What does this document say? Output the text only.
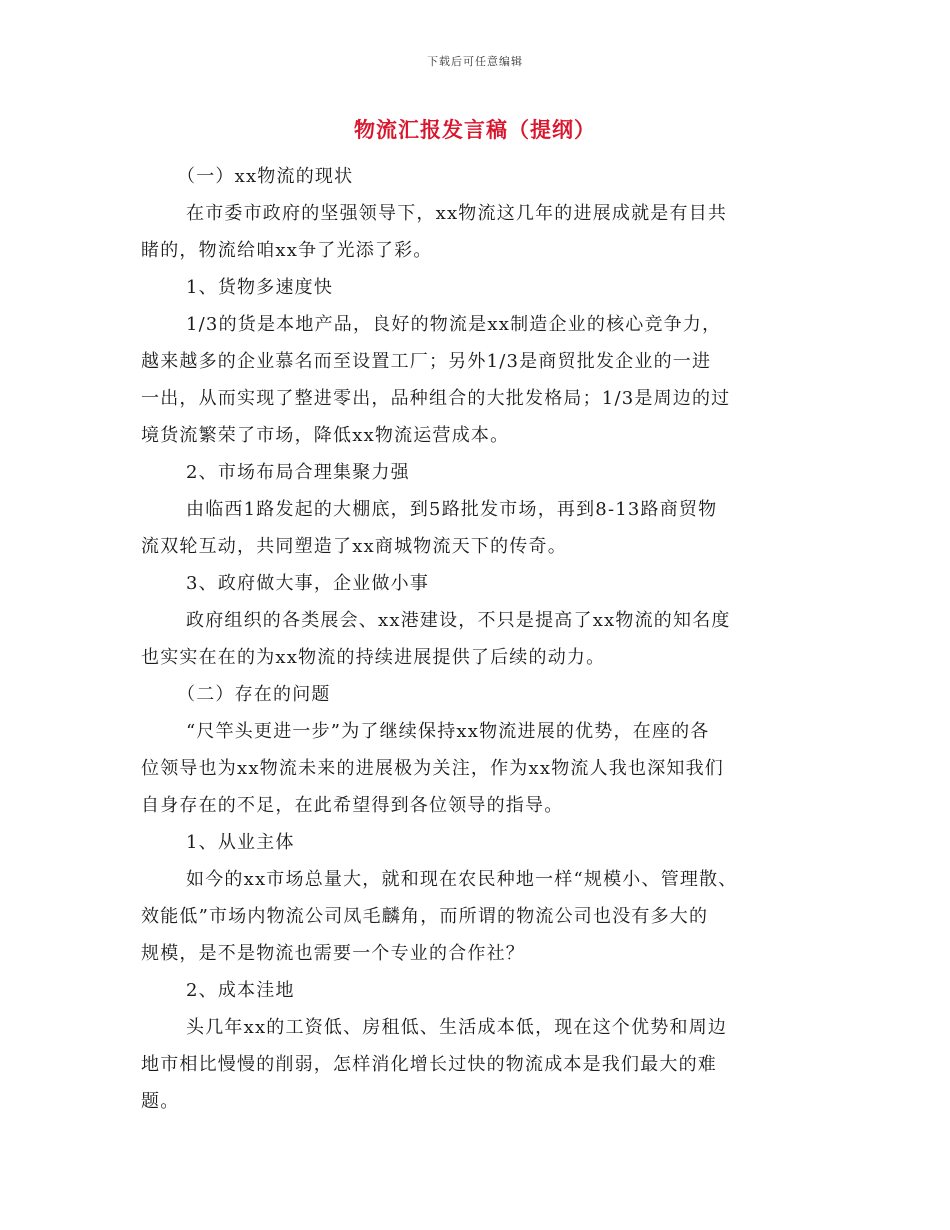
下载后可任意编辑
物流汇报发言稿（提纲）
（一）xx物流的现状
在市委市政府的坚强领导下，xx物流这几年的进展成就是有目共
睹的，物流给咱xx争了光添了彩。
1、货物多速度快
1/3的货是本地产品，良好的物流是xx制造企业的核心竞争力，
越来越多的企业慕名而至设置工厂；另外1/3是商贸批发企业的一进
一出，从而实现了整进零出，品种组合的大批发格局；1/3是周边的过
境货流繁荣了市场，降低xx物流运营成本。
2、市场布局合理集聚力强
由临西1路发起的大棚底，到5路批发市场，再到8-13路商贸物
流双轮互动，共同塑造了xx商城物流天下的传奇。
3、政府做大事，企业做小事
政府组织的各类展会、xx港建设，不只是提高了xx物流的知名度
也实实在在的为xx物流的持续进展提供了后续的动力。
（二）存在的问题
“尺竿头更进一步”为了继续保持xx物流进展的优势，在座的各
位领导也为xx物流未来的进展极为关注，作为xx物流人我也深知我们
自身存在的不足，在此希望得到各位领导的指导。
1、从业主体
如今的xx市场总量大，就和现在农民种地一样“规模小、管理散、
效能低”市场内物流公司凤毛麟角，而所谓的物流公司也没有多大的
规模，是不是物流也需要一个专业的合作社？
2、成本洼地
头几年xx的工资低、房租低、生活成本低，现在这个优势和周边
地市相比慢慢的削弱，怎样消化增长过快的物流成本是我们最大的难
题。
